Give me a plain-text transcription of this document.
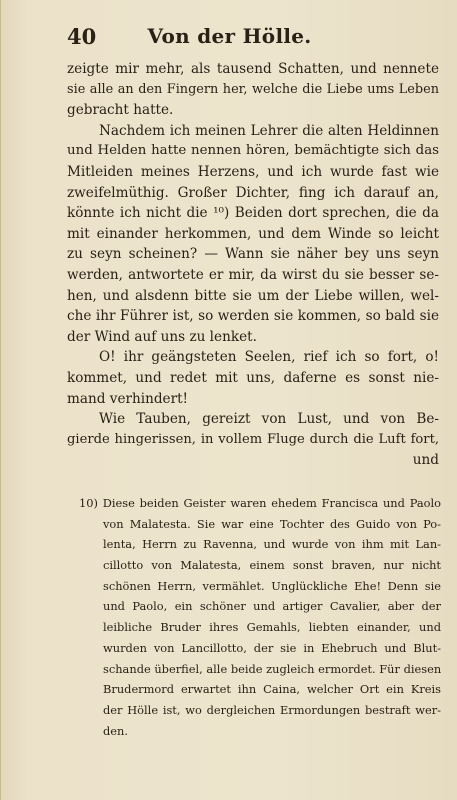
40	Von der Hölle.
zeigte mir mehr, als tausend Schatten, und nennete
sie alle an den Fingern her, welche die Liebe ums Leben
gebracht hatte.
Nachdem ich meinen Lehrer die alten Heldinnen
und Helden hatte nennen hören, bemächtigte sich das
Mitleiden meines Herzens, und ich wurde fast wie
zweifelmüthig. Großer Dichter, fing ich darauf an,
könnte ich nicht die ¹⁰) Beiden dort sprechen, die da
mit einander herkommen, und dem Winde so leicht
zu seyn scheinen? — Wann sie näher bey uns seyn
werden, antwortete er mir, da wirst du sie besser se-
hen, und alsdenn bitte sie um der Liebe willen, wel-
che ihr Führer ist, so werden sie kommen, so bald sie
der Wind auf uns zu lenket.
O! ihr geängsteten Seelen, rief ich so fort, o!
kommet, und redet mit uns, daferne es sonst nie-
mand verhindert!
Wie Tauben, gereizt von Lust, und von Be-
gierde hingerissen, in vollem Fluge durch die Luft fort,
und
10) Diese beiden Geister waren ehedem Francisca und Paolo
von Malatesta. Sie war eine Tochter des Guido von Po-
lenta, Herrn zu Ravenna, und wurde von ihm mit Lan-
cillotto von Malatesta, einem sonst braven, nur nicht
schönen Herrn, vermählet. Unglückliche Ehe! Denn sie
und Paolo, ein schöner und artiger Cavalier, aber der
leibliche Bruder ihres Gemahls, liebten einander, und
wurden von Lancillotto, der sie in Ehebruch und Blut-
schande überfiel, alle beide zugleich ermordet. Für diesen
Brudermord erwartet ihn Caina, welcher Ort ein Kreis
der Hölle ist, wo dergleichen Ermordungen bestraft wer-
den.
